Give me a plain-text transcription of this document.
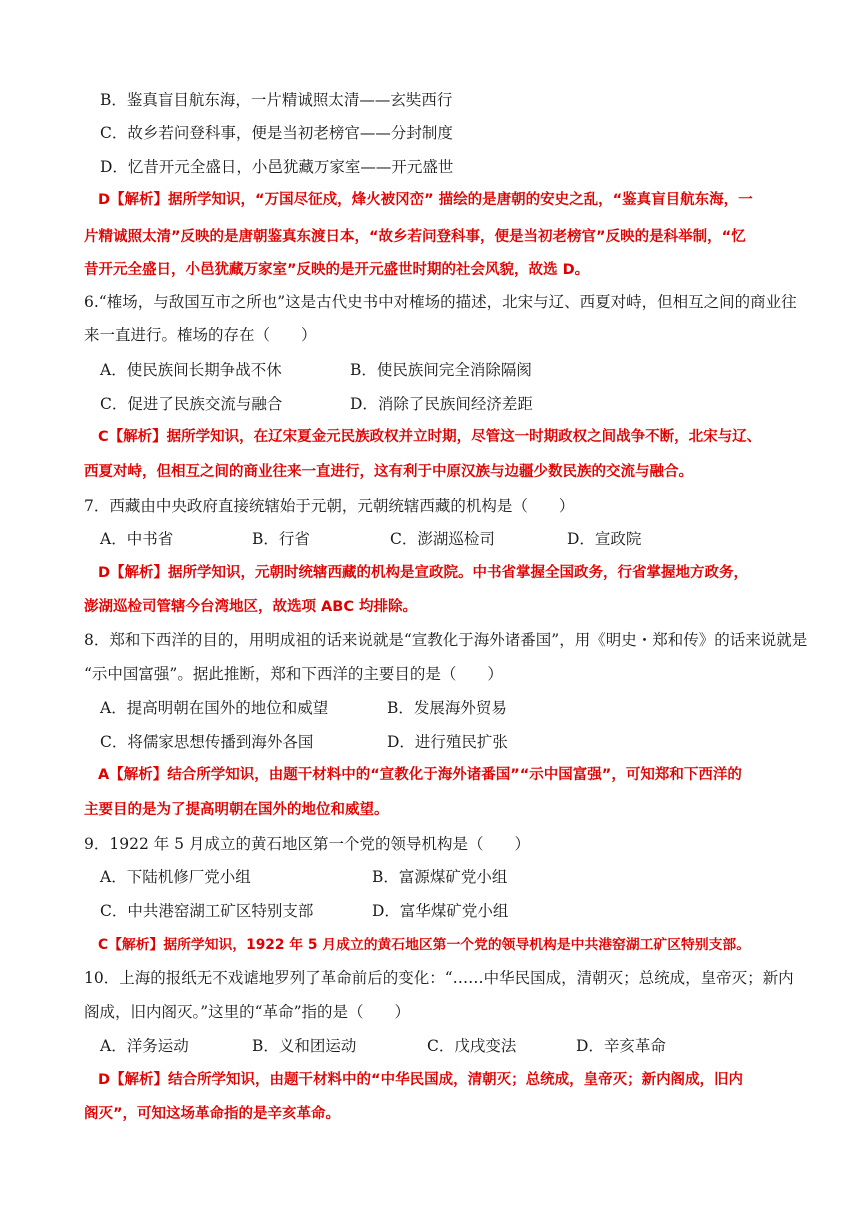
B．鉴真盲目航东海，一片精诚照太清——玄奘西行
C．故乡若问登科事，便是当初老榜官——分封制度
D．忆昔开元全盛日，小邑犹藏万家室——开元盛世
D【解析】据所学知识，“万国尽征戍，烽火被冈峦” 描绘的是唐朝的安史之乱，“鉴真盲目航东海，一
片精诚照太清”反映的是唐朝鉴真东渡日本，“故乡若问登科事，便是当初老榜官”反映的是科举制，“忆
昔开元全盛日，小邑犹藏万家室”反映的是开元盛世时期的社会风貌，故选 D。
6.“榷场，与敌国互市之所也”这是古代史书中对榷场的描述，北宋与辽、西夏对峙，但相互之间的商业往
来一直进行。榷场的存在（　　）
A．使民族间长期争战不休	B．使民族间完全消除隔阂
C．促进了民族交流与融合	D．消除了民族间经济差距
C【解析】据所学知识，在辽宋夏金元民族政权并立时期，尽管这一时期政权之间战争不断，北宋与辽、
西夏对峙，但相互之间的商业往来一直进行，这有利于中原汉族与边疆少数民族的交流与融合。
7．西藏由中央政府直接统辖始于元朝，元朝统辖西藏的机构是（　　）
A．中书省	B．行省	C．澎湖巡检司	D．宣政院
D【解析】据所学知识，元朝时统辖西藏的机构是宣政院。中书省掌握全国政务，行省掌握地方政务，
澎湖巡检司管辖今台湾地区，故选项 ABC 均排除。
8．郑和下西洋的目的，用明成祖的话来说就是“宣教化于海外诸番国”，用《明史・郑和传》的话来说就是
“示中国富强”。据此推断，郑和下西洋的主要目的是（　　）
A．提高明朝在国外的地位和威望	B．发展海外贸易
C．将儒家思想传播到海外各国	D．进行殖民扩张
A【解析】结合所学知识，由题干材料中的“宣教化于海外诸番国”“示中国富强”，可知郑和下西洋的
主要目的是为了提高明朝在国外的地位和威望。
9．1922 年 5 月成立的黄石地区第一个党的领导机构是（　　）
A．下陆机修厂党小组	B．富源煤矿党小组
C．中共港窑湖工矿区特别支部	D．富华煤矿党小组
C【解析】据所学知识，1922 年 5 月成立的黄石地区第一个党的领导机构是中共港窑湖工矿区特别支部。
10．上海的报纸无不戏谑地罗列了革命前后的变化：“……中华民国成，清朝灭；总统成，皇帝灭；新内
阁成，旧内阁灭。”这里的“革命”指的是（　　）
A．洋务运动	B．义和团运动	C．戊戌变法	D．辛亥革命
D【解析】结合所学知识，由题干材料中的“中华民国成，清朝灭；总统成，皇帝灭；新内阁成，旧内
阁灭”，可知这场革命指的是辛亥革命。
